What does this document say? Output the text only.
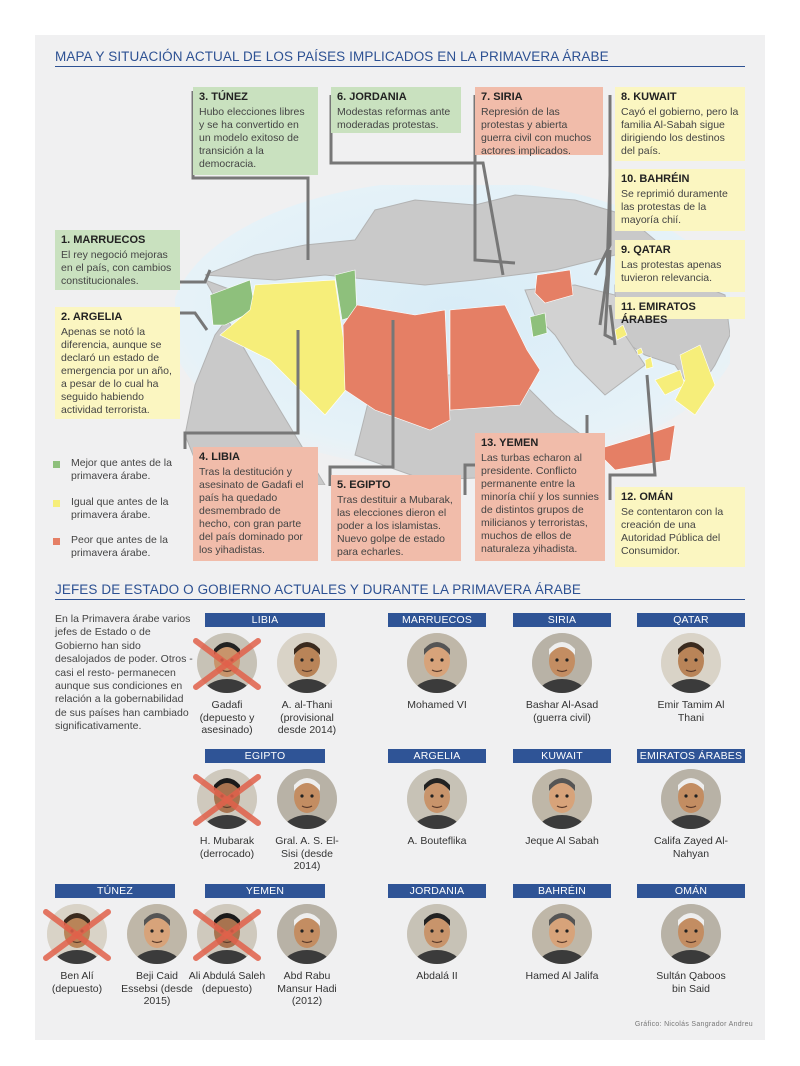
MAPA Y SITUACIÓN ACTUAL DE LOS PAÍSES IMPLICADOS EN LA PRIMAVERA ÁRABE
1. MARRUECOS
El rey negoció mejoras en el país, con cambios constitucionales.
2. ARGELIA
Apenas se notó la diferencia, aunque se declaró un estado de emergencia por un año, a pesar de lo cual ha seguido habiendo actividad terrorista.
3. TÚNEZ
Hubo elecciones libres y se ha convertido en un modelo exitoso de transición a la democracia.
4. LIBIA
Tras la destitución y asesinato de Gadafi el país ha quedado desmembrado de hecho, con gran parte del país dominado por los yihadistas.
5. EGIPTO
Tras destituir a Mubarak, las elecciones dieron el poder a los islamistas. Nuevo golpe de estado para echarles.
6. JORDANIA
Modestas reformas ante moderadas protestas.
7. SIRIA
Represión de las protestas y abierta guerra civil con muchos actores implicados.
8. KUWAIT
Cayó el gobierno, pero la familia Al-Sabah sigue dirigiendo los destinos del país.
9. QATAR
Las protestas apenas tuvieron relevancia.
10. BAHRÉIN
Se reprimió duramente las protestas de la mayoría chií.
11. EMIRATOS ÁRABES
12. OMÁN
Se contentaron con la creación de una Autoridad Pública del Consumidor.
13. YEMEN
Las turbas echaron al presidente. Conflicto permanente entre la minoría chií y los sunnies de distintos grupos de milicianos y terroristas, muchos de ellos de naturaleza yihadista.
Mejor que antes de la primavera árabe.
Igual que antes de la primavera árabe.
Peor que antes de la primavera árabe.
JEFES DE ESTADO O GOBIERNO ACTUALES Y DURANTE LA PRIMAVERA ÁRABE
En la Primavera árabe varios jefes de Estado o de Gobierno han sido desalojados de poder. Otros -casi el resto- permanecen aunque sus condiciones en relación a la gobernabilidad de sus países han cambiado significativamente.
LIBIA
Gadafi (depuesto y asesinado)
A. al-Thani (provisional desde 2014)
MARRUECOS
Mohamed VI
SIRIA
Bashar Al-Asad (guerra civil)
QATAR
Emir Tamim Al Thani
EGIPTO
H. Mubarak (derrocado)
Gral. A. S. El-Sisi (desde 2014)
ARGELIA
A. Bouteflika
KUWAIT
Jeque Al Sabah
EMIRATOS ÁRABES
Califa Zayed Al-Nahyan
TÚNEZ
Ben Alí (depuesto)
Beji Caid Essebsi (desde 2015)
YEMEN
Ali Abdulá Saleh (depuesto)
Abd Rabu Mansur Hadi (2012)
JORDANIA
Abdalá II
BAHRÉIN
Hamed Al Jalifa
OMÁN
Sultán Qaboos bin Said
Gráfico: Nicolás Sangrador Andreu
